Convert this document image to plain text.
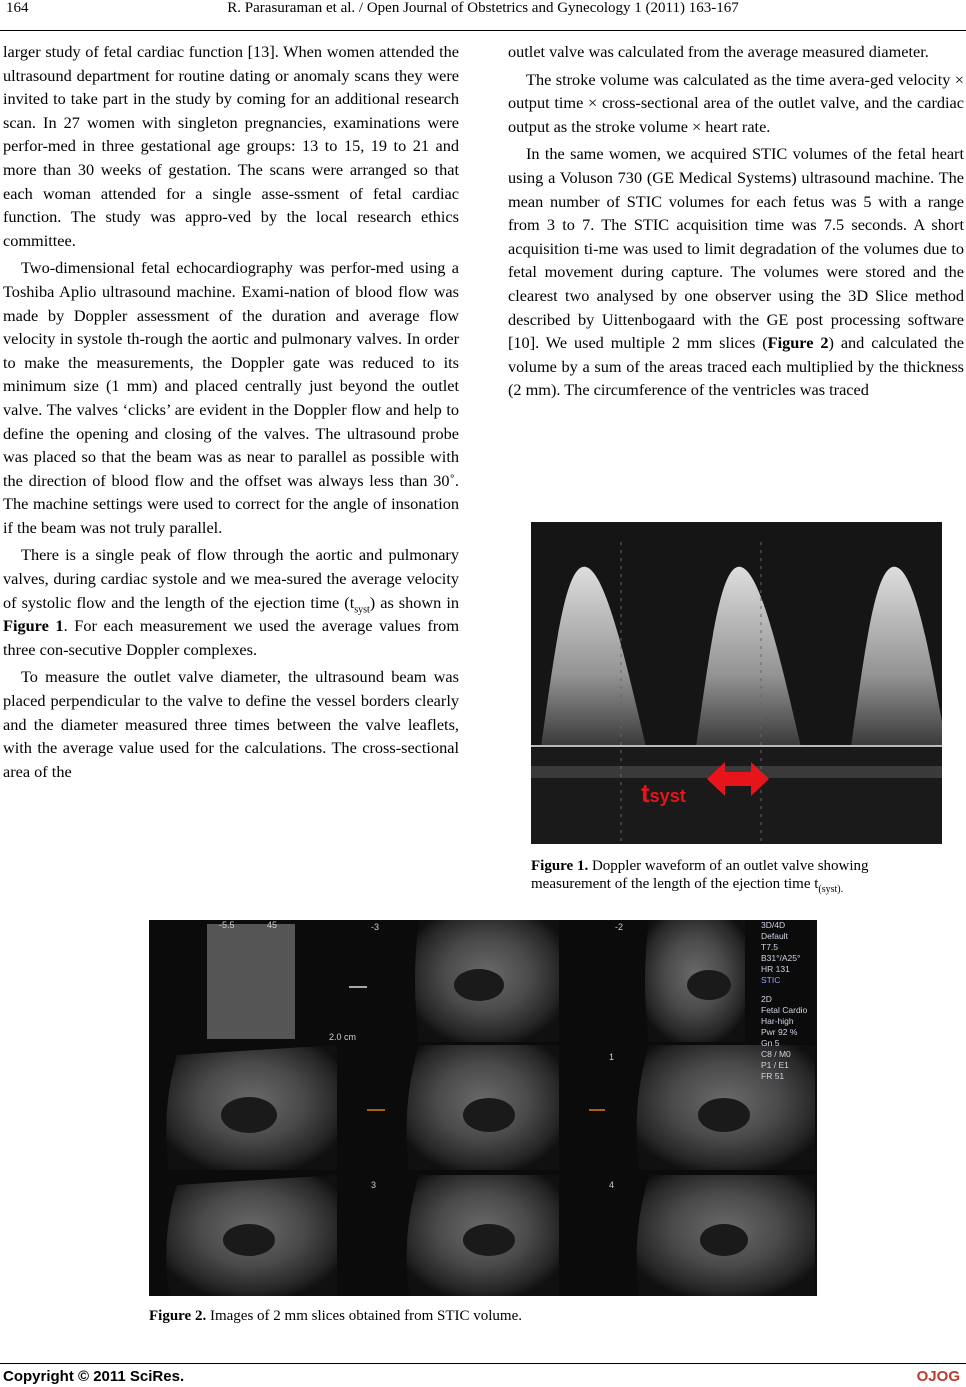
164	R. Parasuraman et al. / Open Journal of Obstetrics and Gynecology 1 (2011) 163-167

larger study of fetal cardiac function [13]. When women attended the ultrasound department for routine dating or anomaly scans they were invited to take part in the study by coming for an additional research scan. In 27 women with singleton pregnancies, examinations were perfor-med in three gestational age groups: 13 to 15, 19 to 21 and more than 30 weeks of gestation. The scans were arranged so that each woman attended for a single asse-ssment of fetal cardiac function. The study was appro-ved by the local research ethics committee.

Two-dimensional fetal echocardiography was perfor-med using a Toshiba Aplio ultrasound machine. Exami-nation of blood flow was made by Doppler assessment of the duration and average flow velocity in systole th-rough the aortic and pulmonary valves. In order to make the measurements, the Doppler gate was reduced to its minimum size (1 mm) and placed centrally just beyond the outlet valve. The valves ‘clicks’ are evident in the Doppler flow and help to define the opening and closing of the valves. The ultrasound probe was placed so that the beam was as near to parallel as possible with the direction of blood flow and the offset was always less than 30˚. The machine settings were used to correct for the angle of insonation if the beam was not truly parallel.

There is a single peak of flow through the aortic and pulmonary valves, during cardiac systole and we mea-sured the average velocity of systolic flow and the length of the ejection time $(t_{syst})$ as shown in Figure 1. For each measurement we used the average values from three con-secutive Doppler complexes.

To measure the outlet valve diameter, the ultrasound beam was placed perpendicular to the valve to define the vessel borders clearly and the diameter measured three times between the valve leaflets, with the average value used for the calculations. The cross-sectional area of the

outlet valve was calculated from the average measured diameter.

The stroke volume was calculated as the time avera-ged velocity × output time × cross-sectional area of the outlet valve, and the cardiac output as the stroke volume × heart rate.

In the same women, we acquired STIC volumes of the fetal heart using a Voluson 730 (GE Medical Systems) ultrasound machine. The mean number of STIC volumes for each fetus was 5 with a range from 3 to 7. The STIC acquisition time was 7.5 seconds. A short acquisition ti-me was used to limit degradation of the volumes due to fetal movement during capture. The volumes were stored and the clearest two analysed by one observer using the 3D Slice method described by Uittenbogaard with the GE post processing software [10]. We used multiple 2 mm slices (Figure 2) and calculated the volume by a sum of the areas traced each multiplied by the thickness (2 mm). The circumference of the ventricles was traced

tsyst
Figure 1. Doppler waveform of an outlet valve showing measurement of the length of the ejection time $t_{(syst).}$
-5.5	45	-3	-2
1
3	4
2.0 cm
3D/4D
Default
T7.5
B31°/A25°
HR 131
STIC
2D
Fetal Cardio
Har-high
Pwr 92 %
Gn 5
C8 / M0
P1 / E1
FR 51
Figure 2. Images of 2 mm slices obtained from STIC volume.
Copyright © 2011 SciRes.	OJOG
